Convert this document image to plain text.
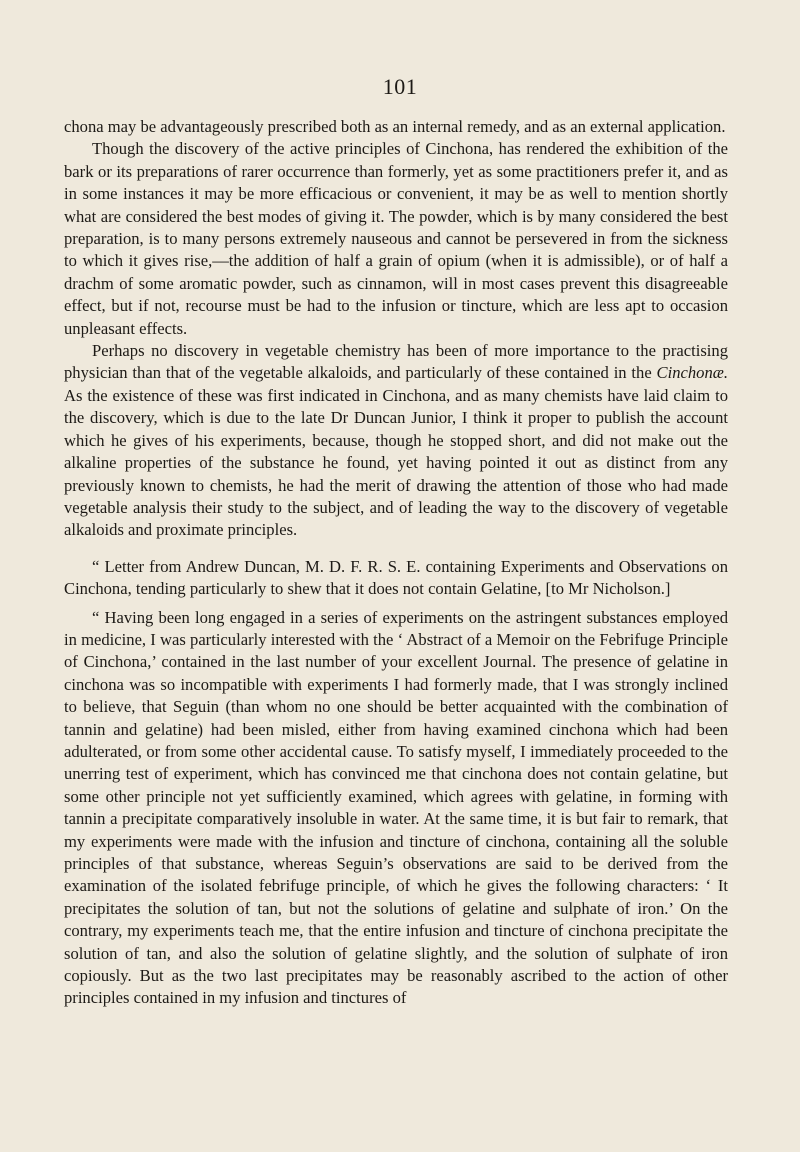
101

chona may be advantageously prescribed both as an internal remedy, and as an external application.

Though the discovery of the active principles of Cinchona, has rendered the exhibition of the bark or its preparations of rarer occurrence than formerly, yet as some practitioners prefer it, and as in some instances it may be more efficacious or convenient, it may be as well to mention shortly what are considered the best modes of giving it. The powder, which is by many considered the best preparation, is to many persons extremely nauseous and cannot be persevered in from the sickness to which it gives rise,—the addition of half a grain of opium (when it is admissible), or of half a drachm of some aromatic powder, such as cinnamon, will in most cases prevent this disagreeable effect, but if not, recourse must be had to the infusion or tincture, which are less apt to occasion unpleasant effects.

Perhaps no discovery in vegetable chemistry has been of more importance to the practising physician than that of the vegetable alkaloids, and particularly of these contained in the Cinchonæ. As the existence of these was first indicated in Cinchona, and as many chemists have laid claim to the discovery, which is due to the late Dr Duncan Junior, I think it proper to publish the account which he gives of his experiments, because, though he stopped short, and did not make out the alkaline properties of the substance he found, yet having pointed it out as distinct from any previously known to chemists, he had the merit of drawing the attention of those who had made vegetable analysis their study to the subject, and of leading the way to the discovery of vegetable alkaloids and proximate principles.

“ Letter from Andrew Duncan, M. D. F. R. S. E. containing Experiments and Observations on Cinchona, tending particularly to shew that it does not contain Gelatine, [to Mr Nicholson.]

“ Having been long engaged in a series of experiments on the astringent substances employed in medicine, I was particularly interested with the ‘ Abstract of a Memoir on the Febrifuge Principle of Cinchona,’ contained in the last number of your excellent Journal. The presence of gelatine in cinchona was so incompatible with experiments I had formerly made, that I was strongly inclined to believe, that Seguin (than whom no one should be better acquainted with the combination of tannin and gelatine) had been misled, either from having examined cinchona which had been adulterated, or from some other accidental cause. To satisfy myself, I immediately proceeded to the unerring test of experiment, which has convinced me that cinchona does not contain gelatine, but some other principle not yet sufficiently examined, which agrees with gelatine, in forming with tannin a precipitate comparatively insoluble in water. At the same time, it is but fair to remark, that my experiments were made with the infusion and tincture of cinchona, containing all the soluble principles of that substance, whereas Seguin’s observations are said to be derived from the examination of the isolated febrifuge principle, of which he gives the following characters: ‘ It precipitates the solution of tan, but not the solutions of gelatine and sulphate of iron.’ On the contrary, my experiments teach me, that the entire infusion and tincture of cinchona precipitate the solution of tan, and also the solution of gelatine slightly, and the solution of sulphate of iron copiously. But as the two last precipitates may be reasonably ascribed to the action of other principles contained in my infusion and tinctures of
